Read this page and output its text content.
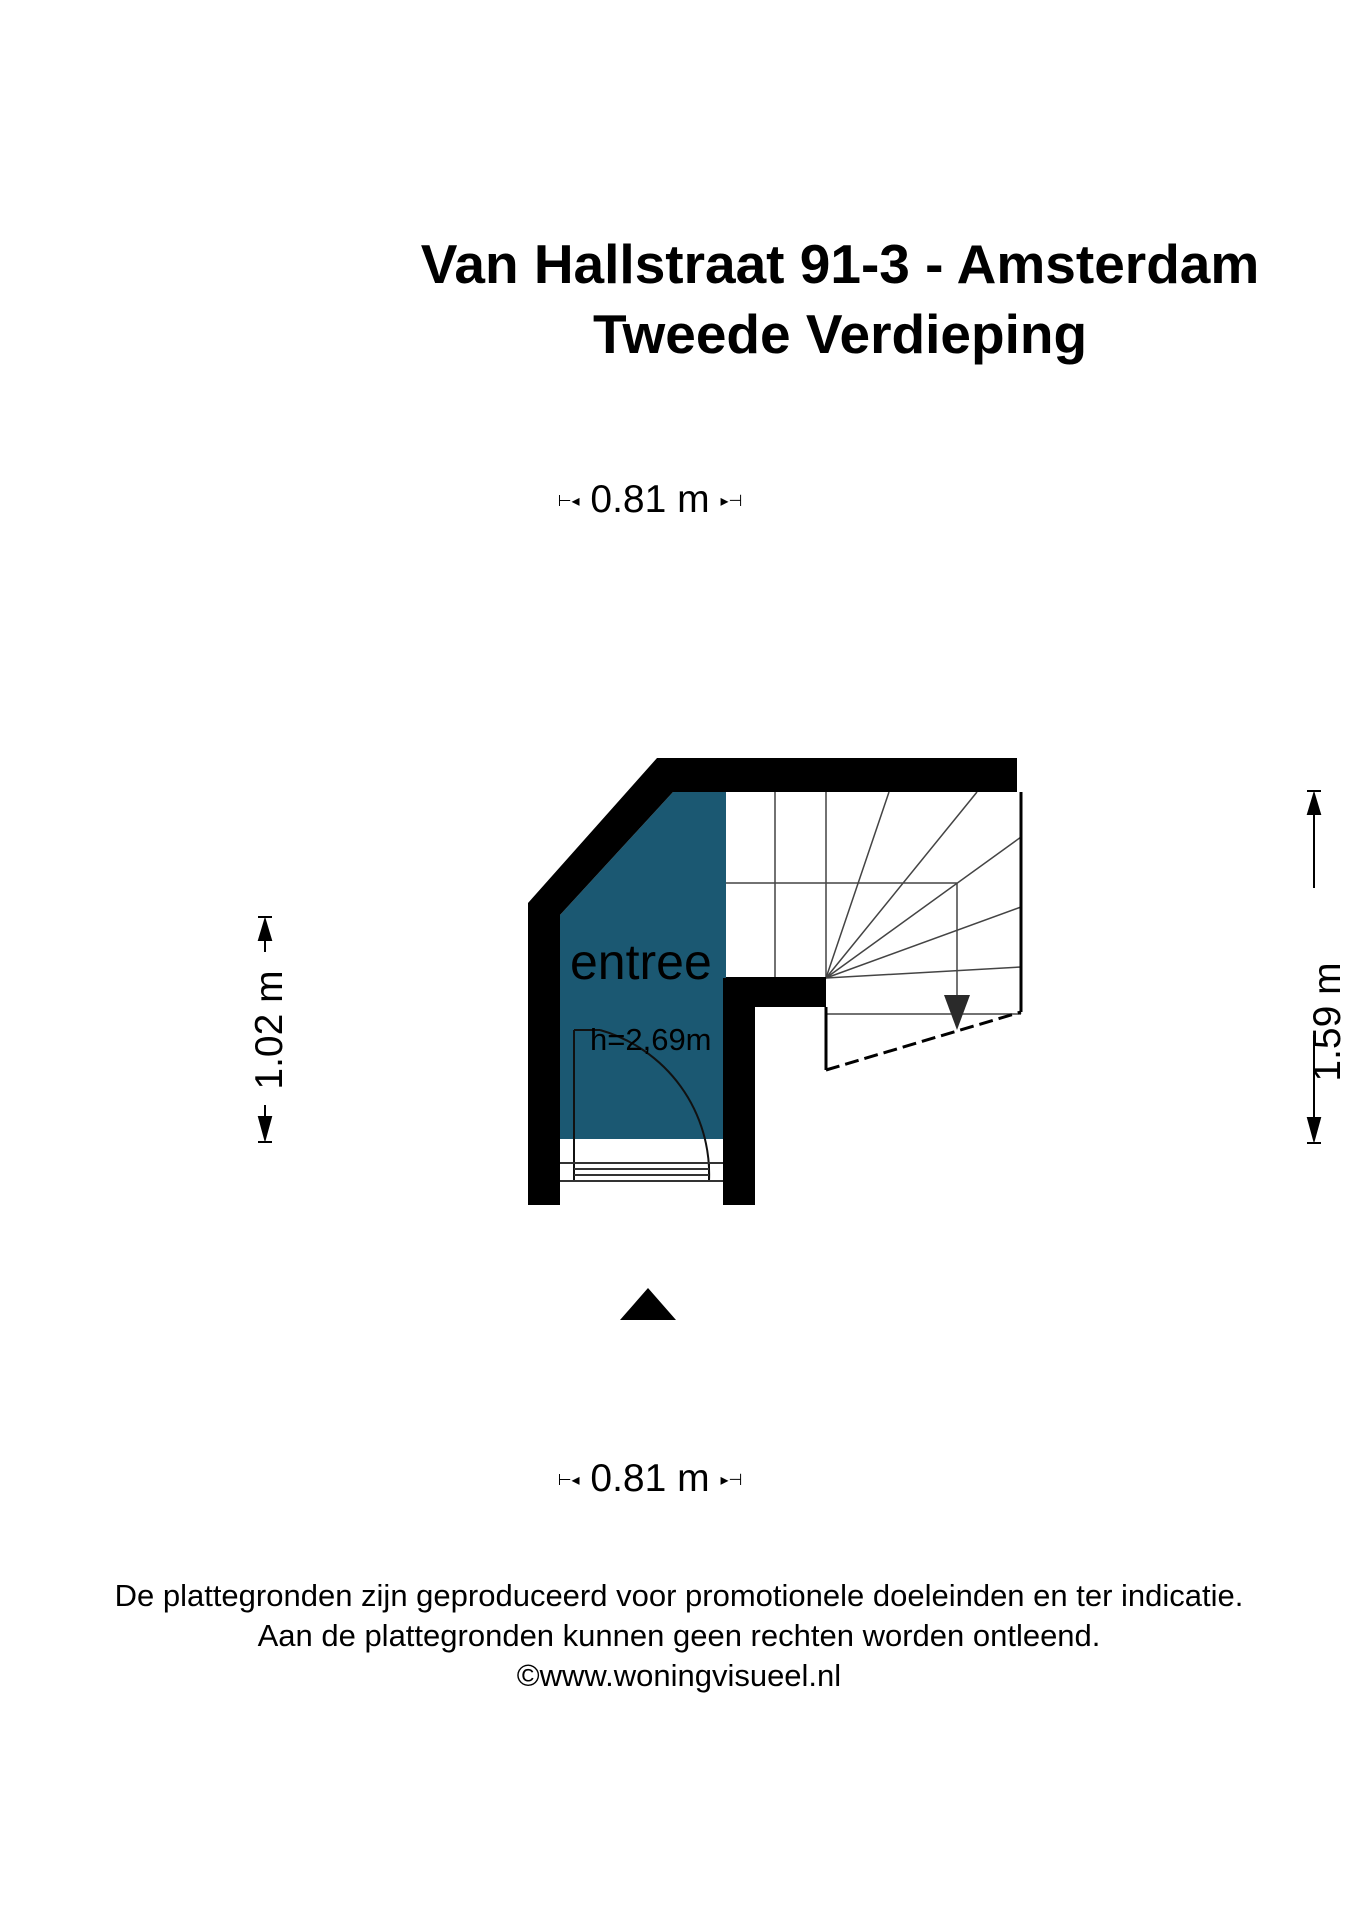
Van Hallstraat 91-3 - Amsterdam
Tweede Verdieping
⊢◂ 0.81 m ▸⊣
⊢◂ 0.81 m ▸⊣
entree
h=2,69m
1.02 m	1.59 m
De plattegronden zijn geproduceerd voor promotionele doeleinden en ter indicatie.
Aan de plattegronden kunnen geen rechten worden ontleend.
©www.woningvisueel.nl
